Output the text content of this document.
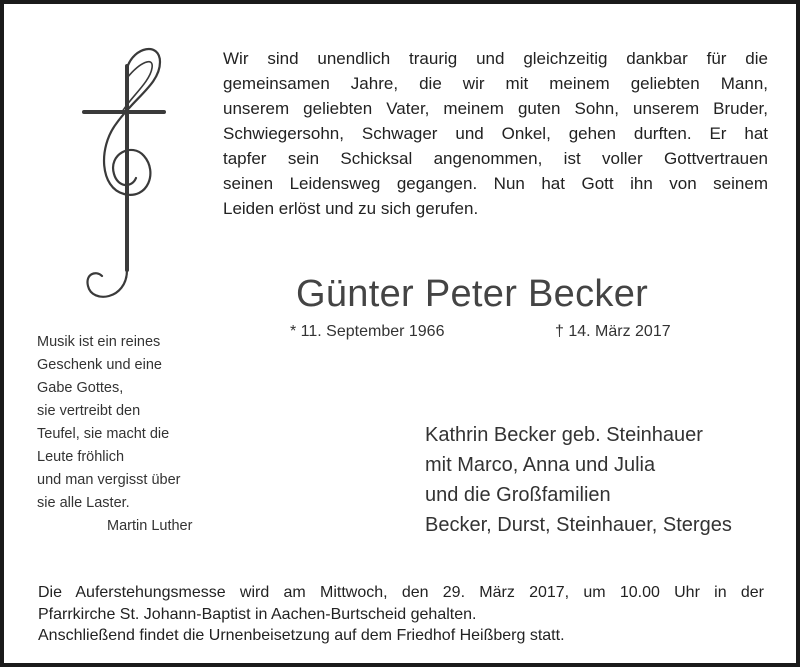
Wir sind unendlich traurig und gleichzeitig dankbar für die
gemeinsamen Jahre, die wir mit meinem geliebten Mann,
unserem geliebten Vater, meinem guten Sohn, unserem Bruder,
Schwiegersohn, Schwager und Onkel, gehen durften. Er hat
tapfer sein Schicksal angenommen, ist voller Gottvertrauen
seinen Leidensweg gegangen. Nun hat Gott ihn von seinem
Leiden erlöst und zu sich gerufen.
Günter Peter Becker
* 11. September 1966	† 14. März 2017
Musik ist ein reines
Geschenk und eine
Gabe Gottes,
sie vertreibt den
Teufel, sie macht die
Leute fröhlich
und man vergisst über
sie alle Laster.
Martin Luther
Kathrin Becker geb. Steinhauer
mit Marco, Anna und Julia
und die Großfamilien
Becker, Durst, Steinhauer, Sterges
Die Auferstehungsmesse wird am Mittwoch, den 29. März 2017, um 10.00 Uhr in der
Pfarrkirche St. Johann-Baptist in Aachen-Burtscheid gehalten.
Anschließend findet die Urnenbeisetzung auf dem Friedhof Heißberg statt.
